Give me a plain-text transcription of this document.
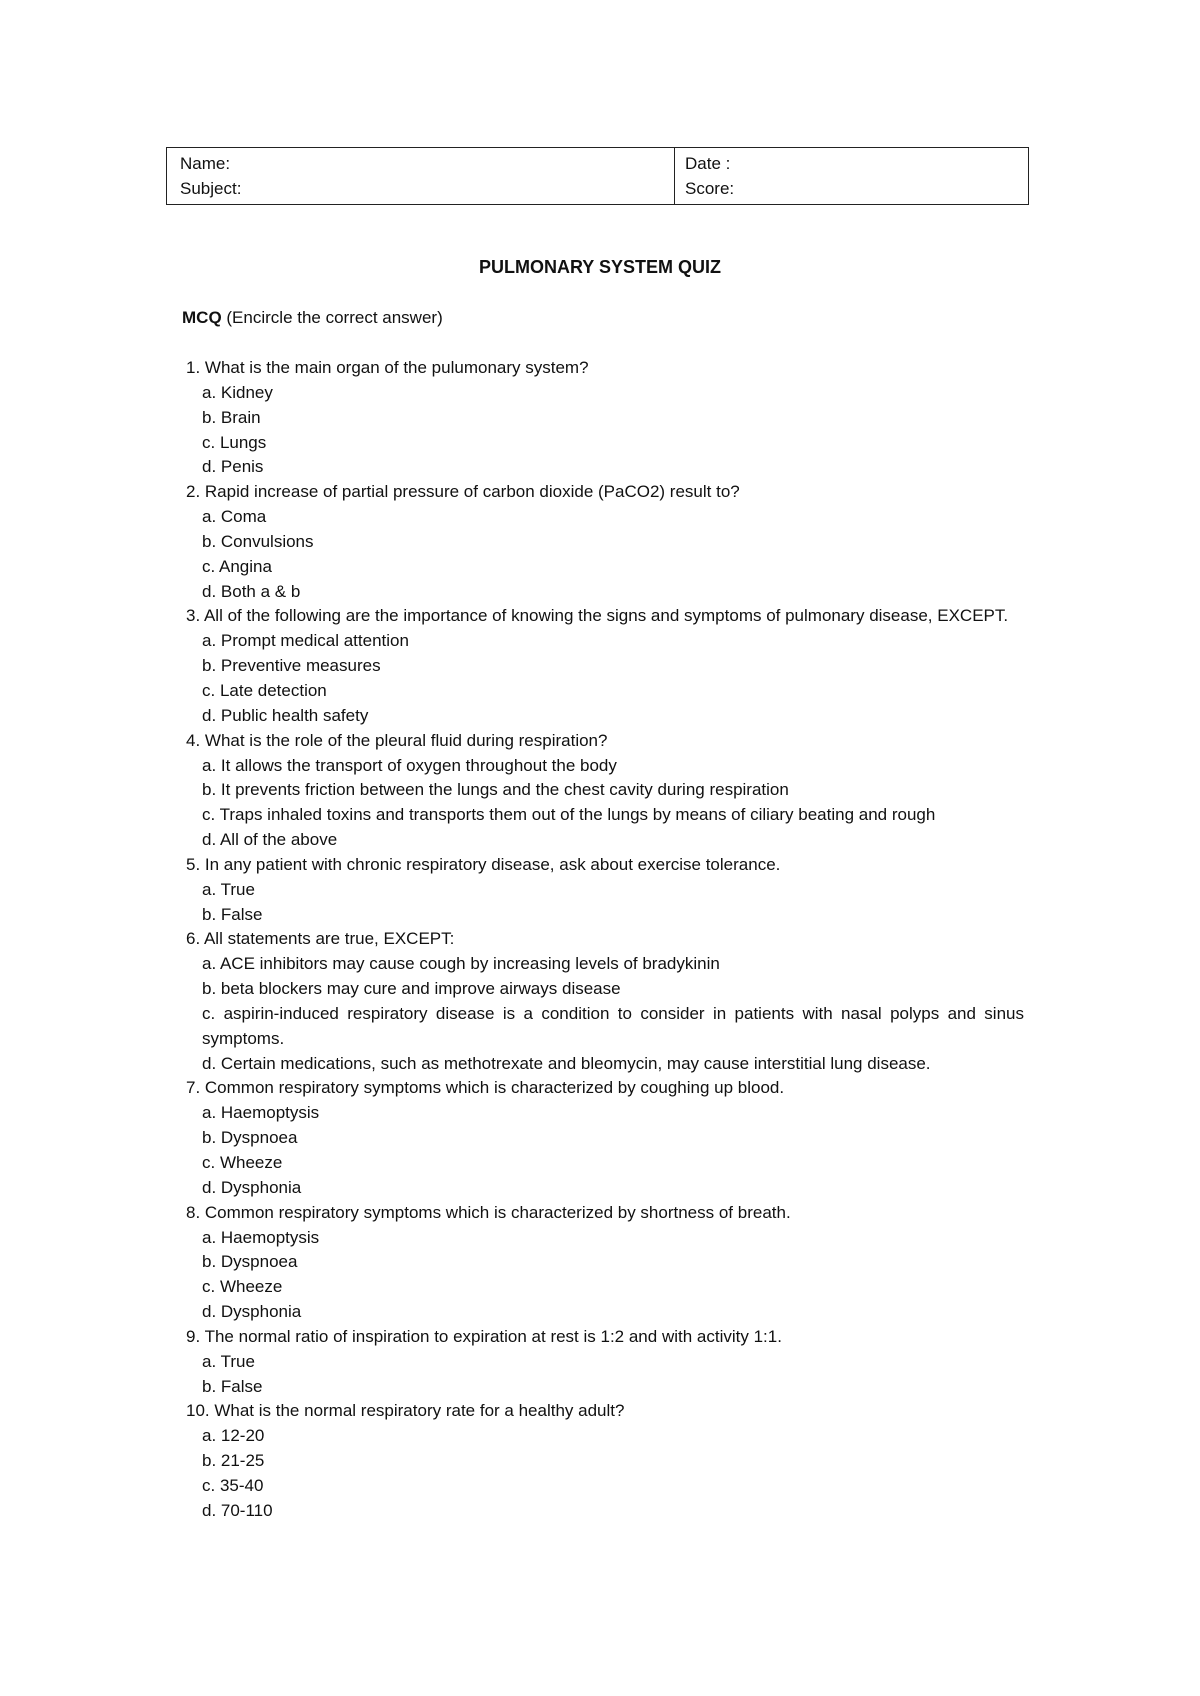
Name:
Subject:
Date :
Score:
PULMONARY SYSTEM QUIZ
MCQ (Encircle the correct answer)
1. What is the main organ of the pulumonary system?
a. Kidney
b. Brain
c. Lungs
d. Penis
2. Rapid increase of partial pressure of carbon dioxide (PaCO2) result to?
a. Coma
b. Convulsions
c. Angina
d. Both a & b
3. All of the following are the importance of knowing the signs and symptoms of pulmonary disease, EXCEPT.
a. Prompt medical attention
b. Preventive measures
c. Late detection
d. Public health safety
4. What is the role of the pleural fluid during respiration?
a. It allows the transport of oxygen throughout the body
b. It prevents friction between the lungs and the chest cavity during respiration
c. Traps inhaled toxins and transports them out of the lungs by means of ciliary beating and rough
d. All of the above
5. In any patient with chronic respiratory disease, ask about exercise tolerance.
a. True
b. False
6. All statements are true, EXCEPT:
a. ACE inhibitors may cause cough by increasing levels of bradykinin
b. beta blockers may cure and improve airways disease
c. aspirin-induced respiratory disease is a condition to consider in patients with nasal polyps and sinus symptoms.
d. Certain medications, such as methotrexate and bleomycin, may cause interstitial lung disease.
7. Common respiratory symptoms which is characterized by coughing up blood.
a. Haemoptysis
b. Dyspnoea
c. Wheeze
d. Dysphonia
8. Common respiratory symptoms which is characterized by shortness of breath.
a. Haemoptysis
b. Dyspnoea
c. Wheeze
d. Dysphonia
9. The normal ratio of inspiration to expiration at rest is 1:2 and with activity 1:1.
a. True
b. False
10. What is the normal respiratory rate for a healthy adult?
a. 12-20
b. 21-25
c. 35-40
d. 70-110
